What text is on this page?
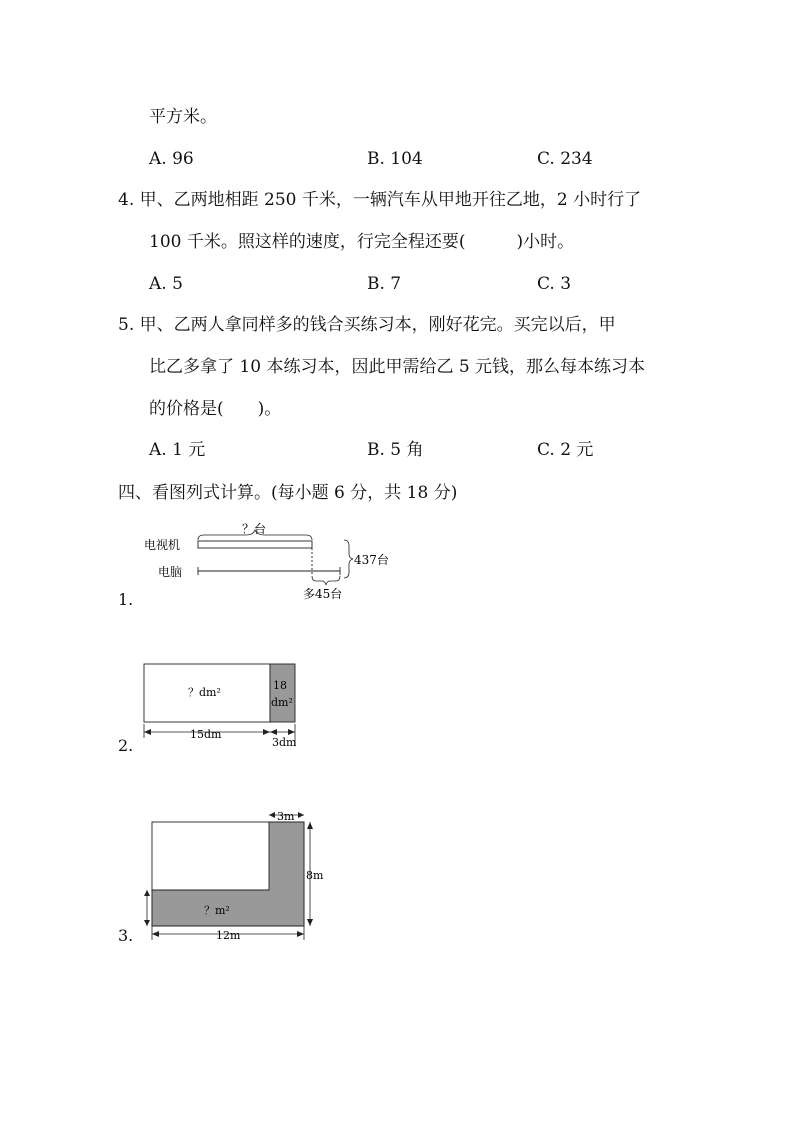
平方米。
A. 96	B. 104	C. 234
4. 甲、乙两地相距 250 千米，一辆汽车从甲地开往乙地，2 小时行了
100 千米。照这样的速度，行完全程还要(　　　)小时。
A. 5	B. 7	C. 3
5. 甲、乙两人拿同样多的钱合买练习本，刚好花完。买完以后，甲
比乙多拿了 10 本练习本，因此甲需给乙 5 元钱，那么每本练习本
的价格是(　　)。
A. 1 元	B. 5 角	C. 2 元
四、看图列式计算。(每小题 6 分，共 18 分)
1.
？台
电视机
电脑
437台
多45台
2.
？dm²
18
dm²
15dm
3dm
3.
？m²
3m
8m
12m
